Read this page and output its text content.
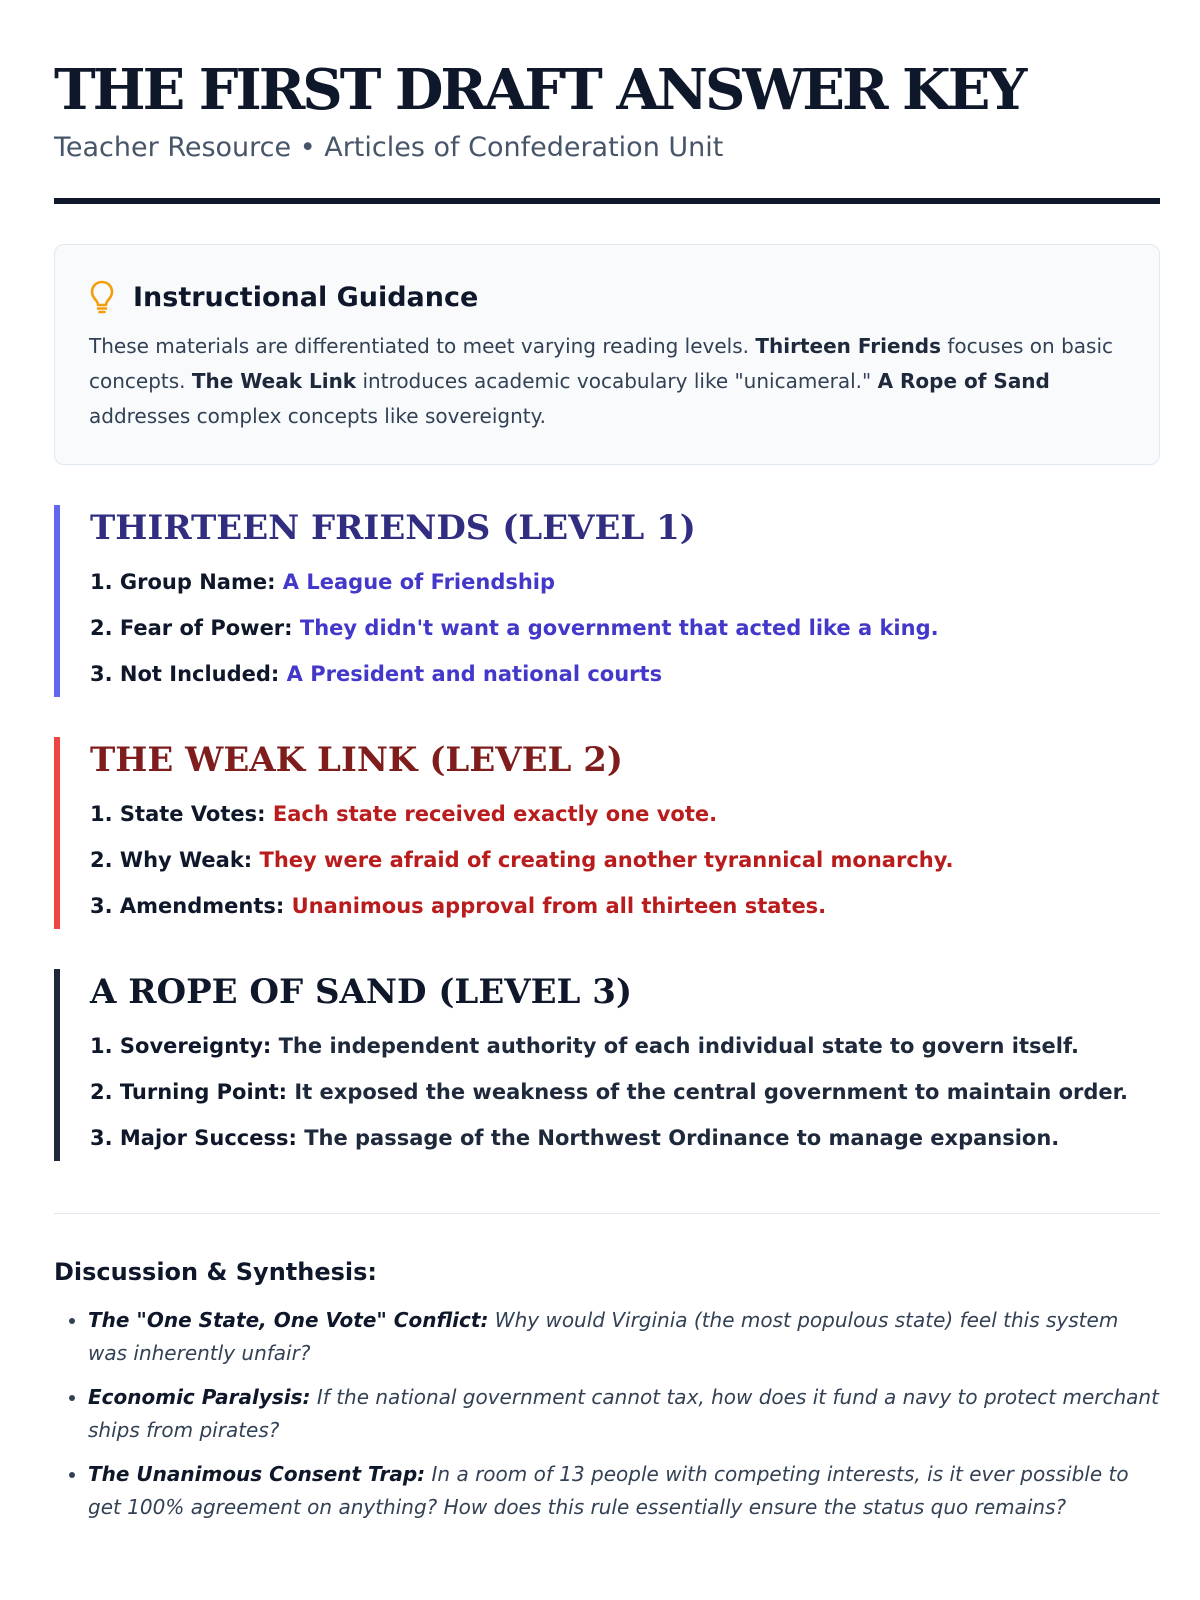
THE FIRST DRAFT ANSWER KEY
Teacher Resource • Articles of Confederation Unit
Instructional Guidance
These materials are differentiated to meet varying reading levels. Thirteen Friends focuses on basic concepts. The Weak Link introduces academic vocabulary like "unicameral." A Rope of Sand addresses complex concepts like sovereignty.
THIRTEEN FRIENDS (LEVEL 1)
1. Group Name: A League of Friendship
2. Fear of Power: They didn't want a government that acted like a king.
3. Not Included: A President and national courts
THE WEAK LINK (LEVEL 2)
1. State Votes: Each state received exactly one vote.
2. Why Weak: They were afraid of creating another tyrannical monarchy.
3. Amendments: Unanimous approval from all thirteen states.
A ROPE OF SAND (LEVEL 3)
1. Sovereignty: The independent authority of each individual state to govern itself.
2. Turning Point: It exposed the weakness of the central government to maintain order.
3. Major Success: The passage of the Northwest Ordinance to manage expansion.
Discussion & Synthesis:
• The "One State, One Vote" Conflict: Why would Virginia (the most populous state) feel this system was inherently unfair?
• Economic Paralysis: If the national government cannot tax, how does it fund a navy to protect merchant ships from pirates?
• The Unanimous Consent Trap: In a room of 13 people with competing interests, is it ever possible to get 100% agreement on anything? How does this rule essentially ensure the status quo remains?
